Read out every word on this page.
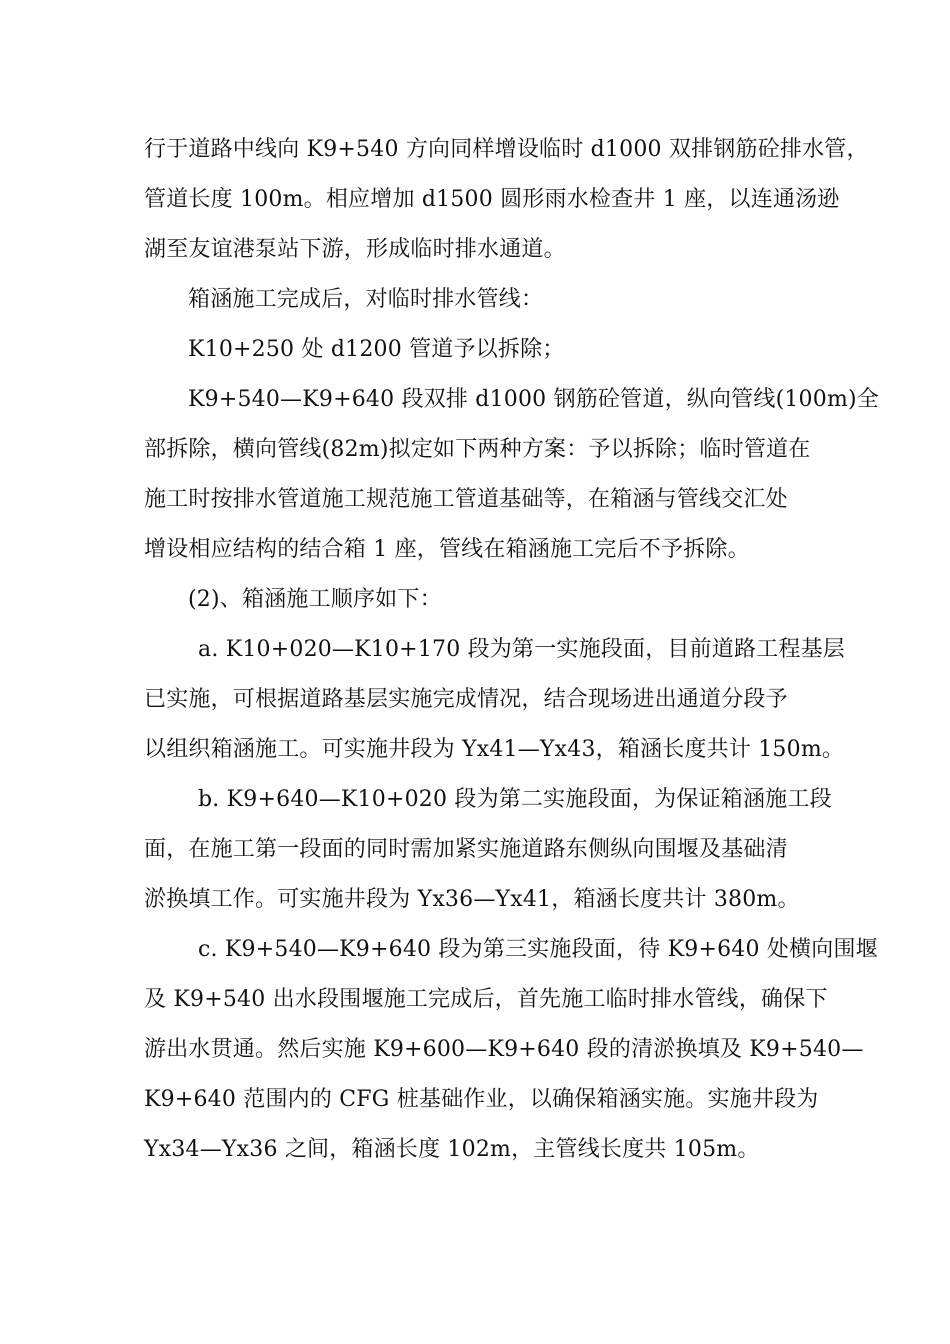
行于道路中线向 K9+540 方向同样增设临时 d1000 双排钢筋砼排水管，
管道长度 100m。相应增加 d1500 圆形雨水检查井 1 座，以连通汤逊
湖至友谊港泵站下游，形成临时排水通道。
箱涵施工完成后，对临时排水管线：
K10+250 处 d1200 管道予以拆除；
K9+540—K9+640 段双排 d1000 钢筋砼管道，纵向管线(100m)全
部拆除，横向管线(82m)拟定如下两种方案：予以拆除；临时管道在
施工时按排水管道施工规范施工管道基础等，在箱涵与管线交汇处
增设相应结构的结合箱 1 座，管线在箱涵施工完后不予拆除。
(2)、箱涵施工顺序如下：
a. K10+020—K10+170 段为第一实施段面，目前道路工程基层
已实施，可根据道路基层实施完成情况，结合现场进出通道分段予
以组织箱涵施工。可实施井段为 Yx41—Yx43，箱涵长度共计 150m。
b. K9+640—K10+020 段为第二实施段面，为保证箱涵施工段
面，在施工第一段面的同时需加紧实施道路东侧纵向围堰及基础清
淤换填工作。可实施井段为 Yx36—Yx41，箱涵长度共计 380m。
c. K9+540—K9+640 段为第三实施段面，待 K9+640 处横向围堰
及 K9+540 出水段围堰施工完成后，首先施工临时排水管线，确保下
游出水贯通。然后实施 K9+600—K9+640 段的清淤换填及 K9+540—
K9+640 范围内的 CFG 桩基础作业，以确保箱涵实施。实施井段为
Yx34—Yx36 之间，箱涵长度 102m，主管线长度共 105m。
